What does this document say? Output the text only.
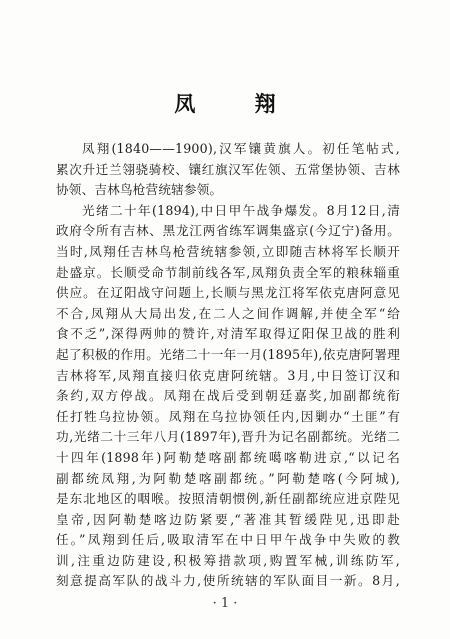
凤 翔
凤翔(1840——1900),汉军镶黄旗人。初任笔帖式,
累次升迁兰翎骁骑校、镶红旗汉军佐领、五常堡协领、吉林
协领、吉林鸟枪营统辖参领。
光绪二十年(1894),中日甲午战争爆发。8月12日,清
政府令所有吉林、黑龙江两省练军调集盛京(今辽宁)备用。
当时,凤翔任吉林鸟枪营统辖参领,立即随吉林将军长顺开
赴盛京。长顺受命节制前线各军,凤翔负责全军的粮秣辎重
供应。在辽阳战守问题上,长顺与黑龙江将军依克唐阿意见
不合,凤翔从大局出发,在二人之间作调解,并使全军“给
食不乏”,深得两帅的赞许,对清军取得辽阳保卫战的胜利
起了积极的作用。光绪二十一年一月(1895年),依克唐阿署理
吉林将军,凤翔直接归依克唐阿统辖。3月,中日签订汉和
条约,双方停战。凤翔在战后受到朝廷嘉奖,加副都统衔
任打牲乌拉协领。凤翔在乌拉协领任内,因剿办“土匪”有
功,光绪二十三年八月(1897年),晋升为记名副都统。光绪二
十四年(1898年)阿勒楚喀副都统噶喀勒进京,“以记名
副都统凤翔,为阿勒楚喀副都统。”阿勒楚喀(今阿城),
是东北地区的咽喉。按照清朝惯例,新任副都统应进京陛见
皇帝,因阿勒楚喀边防紧要,“著准其暂缓陛见,迅即赴
任。”凤翔到任后,吸取清军在中日甲午战争中失败的教
训,注重边防建设,积极筹措款项,购置军械,训练防军,
刻意提高军队的战斗力,使所统辖的军队面目一新。8月,
· 1 ·
